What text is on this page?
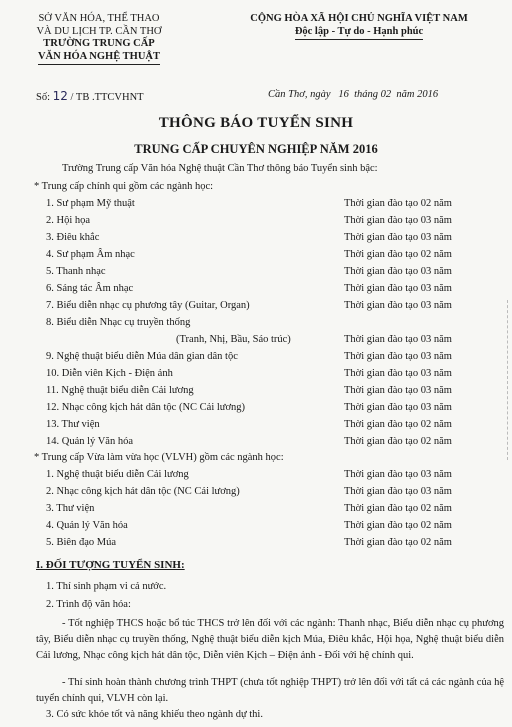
SỞ VĂN HÓA, THỂ THAO
VÀ DU LỊCH TP. CẦN THƠ
TRƯỜNG TRUNG CẤP
VĂN HÓA NGHỆ THUẬT
CỘNG HÒA XÃ HỘI CHỦ NGHĨA VIỆT NAM
Độc lập - Tự do - Hạnh phúc
Số: 12 / TB .TTCVHNT	Cần Thơ, ngày   16  tháng 02  năm 2016
THÔNG BÁO TUYỂN SINH
TRUNG CẤP CHUYÊN NGHIỆP NĂM 2016
Trường Trung cấp Văn hóa Nghệ thuật Cần Thơ thông báo Tuyển sinh bậc:
* Trung cấp chính qui gồm các ngành học:
1. Sư phạm Mỹ thuật	Thời gian đào tạo 02 năm
2. Hội họa	Thời gian đào tạo 03 năm
3. Điêu khắc	Thời gian đào tạo 03 năm
4. Sư phạm Âm nhạc	Thời gian đào tạo 02 năm
5. Thanh nhạc	Thời gian đào tạo 03 năm
6. Sáng tác Âm nhạc	Thời gian đào tạo 03 năm
7. Biểu diễn nhạc cụ phương tây (Guitar, Organ)	Thời gian đào tạo 03 năm
8. Biểu diễn Nhạc cụ truyền thống
(Tranh, Nhị, Bầu, Sáo trúc)	Thời gian đào tạo 03 năm
9. Nghệ thuật biểu diễn Múa dân gian dân tộc	Thời gian đào tạo 03 năm
10. Diễn viên Kịch - Điện ảnh	Thời gian đào tạo 03 năm
11. Nghệ thuật biểu diễn Cải lương	Thời gian đào tạo 03 năm
12. Nhạc công kịch hát dân tộc (NC Cải lương)	Thời gian đào tạo 03 năm
13. Thư viện	Thời gian đào tạo 02 năm
14. Quản lý Văn hóa	Thời gian đào tạo 02 năm
* Trung cấp Vừa làm vừa học (VLVH) gồm các ngành học:
1. Nghệ thuật biểu diễn Cải lương	Thời gian đào tạo 03 năm
2. Nhạc công kịch hát dân tộc (NC Cải lương)	Thời gian đào tạo 03 năm
3. Thư viện	Thời gian đào tạo 02 năm
4. Quản lý Văn hóa	Thời gian đào tạo 02 năm
5. Biên đạo Múa	Thời gian đào tạo 02 năm
I. ĐỐI TƯỢNG TUYỂN SINH:
1. Thí sinh phạm vi cả nước.
2. Trình độ văn hóa:
- Tốt nghiệp THCS hoặc bổ túc THCS trở lên đối với các ngành: Thanh nhạc, Biểu diễn nhạc cụ phương tây, Biểu diễn nhạc cụ truyền thống, Nghệ thuật biểu diễn kịch Múa, Điêu khắc, Hội họa, Nghệ thuật biểu diễn Cải lương, Nhạc công kịch hát dân tộc, Diễn viên Kịch – Điện ảnh - Đối với hệ chính qui.
- Thí sinh hoàn thành chương trình THPT (chưa tốt nghiệp THPT) trở lên đối với tất cả các ngành của hệ tuyển chính qui, VLVH còn lại.
3. Có sức khỏe tốt và năng khiếu theo ngành dự thi.
